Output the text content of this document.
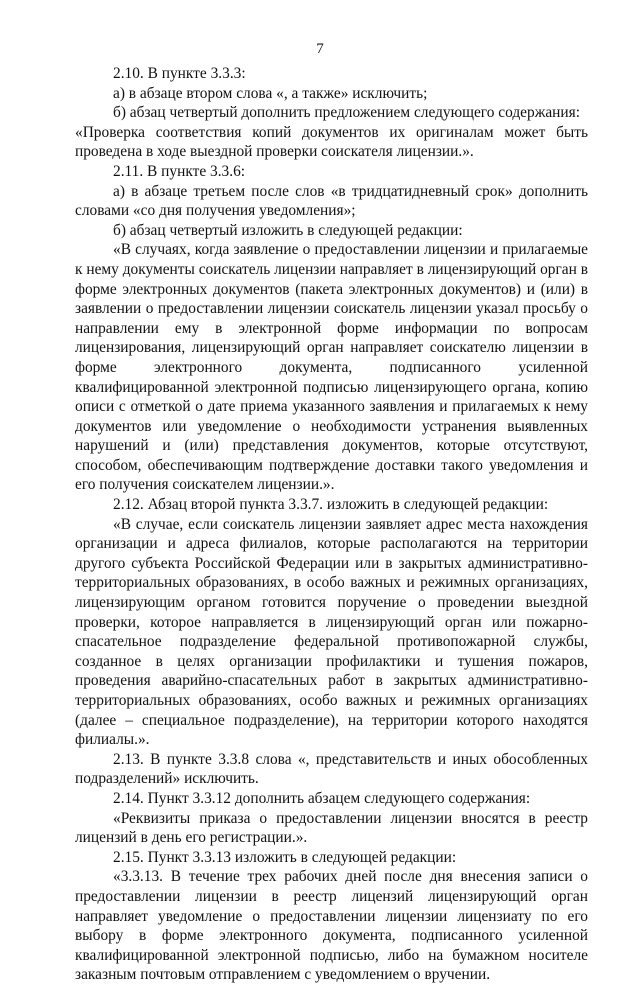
7

2.10. В пункте 3.3.3:

а) в абзаце втором слова «, а также» исключить;

б) абзац четвертый дополнить предложением следующего содержания:

«Проверка соответствия копий документов их оригиналам может быть проведена в ходе выездной проверки соискателя лицензии.».

2.11. В пункте 3.3.6:

а) в абзаце третьем после слов «в тридцатидневный срок» дополнить словами «со дня получения уведомления»;

б) абзац четвертый изложить в следующей редакции:

«В случаях, когда заявление о предоставлении лицензии и прилагаемые к нему документы соискатель лицензии направляет в лицензирующий орган в форме электронных документов (пакета электронных документов) и (или) в заявлении о предоставлении лицензии соискатель лицензии указал просьбу о направлении ему в электронной форме информации по вопросам лицензирования, лицензирующий орган направляет соискателю лицензии в форме электронного документа, подписанного усиленной квалифицированной электронной подписью лицензирующего органа, копию описи с отметкой о дате приема указанного заявления и прилагаемых к нему документов или уведомление о необходимости устранения выявленных нарушений и (или) представления документов, которые отсутствуют, способом, обеспечивающим подтверждение доставки такого уведомления и его получения соискателем лицензии.».

2.12. Абзац второй пункта 3.3.7. изложить в следующей редакции:

«В случае, если соискатель лицензии заявляет адрес места нахождения организации и адреса филиалов, которые располагаются на территории другого субъекта Российской Федерации или в закрытых административно-территориальных образованиях, в особо важных и режимных организациях, лицензирующим органом готовится поручение о проведении выездной проверки, которое направляется в лицензирующий орган или пожарно-спасательное подразделение федеральной противопожарной службы, созданное в целях организации профилактики и тушения пожаров, проведения аварийно-спасательных работ в закрытых административно-территориальных образованиях, особо важных и режимных организациях (далее – специальное подразделение), на территории которого находятся филиалы.».

2.13. В пункте 3.3.8 слова «, представительств и иных обособленных подразделений» исключить.

2.14. Пункт 3.3.12 дополнить абзацем следующего содержания:

«Реквизиты приказа о предоставлении лицензии вносятся в реестр лицензий в день его регистрации.».

2.15. Пункт 3.3.13 изложить в следующей редакции:

«3.3.13. В течение трех рабочих дней после дня внесения записи о предоставлении лицензии в реестр лицензий лицензирующий орган направляет уведомление о предоставлении лицензии лицензиату по его выбору в форме электронного документа, подписанного усиленной квалифицированной электронной подписью, либо на бумажном носителе заказным почтовым отправлением с уведомлением о вручении.
